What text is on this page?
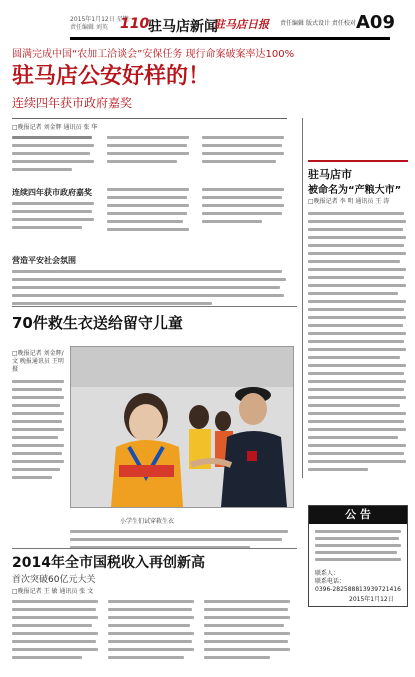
2015年1月12日 星期一
责任编辑 刘英 110
驻马店新闻
驻马店日报 责任编辑 版式设计 责任校对 A09
圆满完成中国“农加工洽谈会”安保任务 现行命案破案率达100%
驻马店公安好样的！
连续四年获市政府嘉奖
□晚报记者 刘金辉 通讯员 张 华
连续四年获市政府嘉奖
营造平安社会氛围
驻马店市
被命名为“产粮大市”
□晚报记者 李 明 通讯员 王 涛
70件救生衣送给留守儿童
□晚报记者 刘金辉/文 晚报通讯员 王明 摄
小学生们试穿救生衣
2014年全市国税收入再创新高
首次突破60亿元大关
□晚报记者 王 敏 通讯员 张 文
公 告
联系人：
联系电话：
0396-2825888 13939721416
2015年1月12日
